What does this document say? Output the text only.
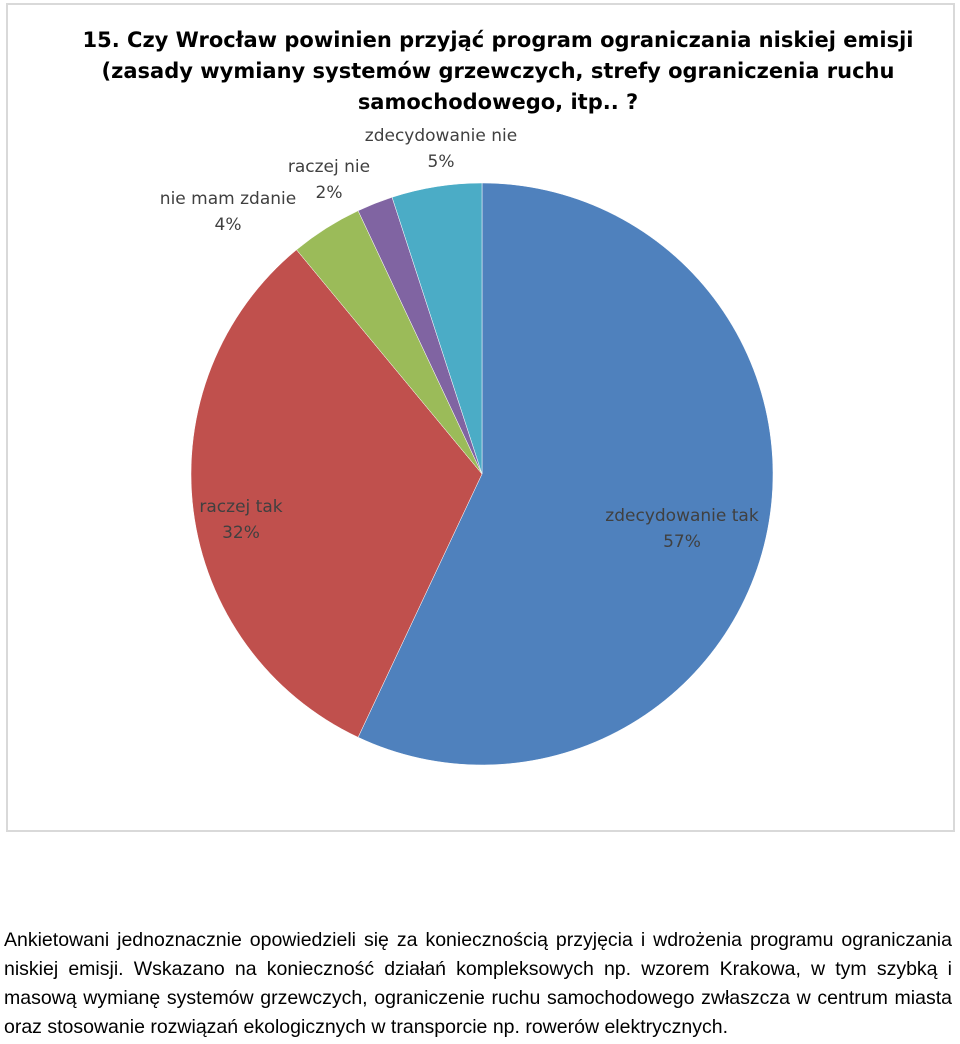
15. Czy Wrocław powinien przyjąć program ograniczania niskiej emisji (zasady wymiany systemów grzewczych, strefy ograniczenia ruchu samochodowego, itp.. ?
zdecydowanie tak
57%
raczej tak
32%
nie mam zdanie
4%
raczej nie
2%
zdecydowanie nie
5%

Ankietowani jednoznacznie opowiedzieli się za koniecznością przyjęcia i wdrożenia programu ograniczania niskiej emisji. Wskazano na konieczność działań kompleksowych np. wzorem Krakowa, w tym szybką i masową wymianę systemów grzewczych, ograniczenie ruchu samochodowego zwłaszcza w centrum miasta oraz stosowanie rozwiązań ekologicznych w transporcie np. rowerów elektrycznych.
